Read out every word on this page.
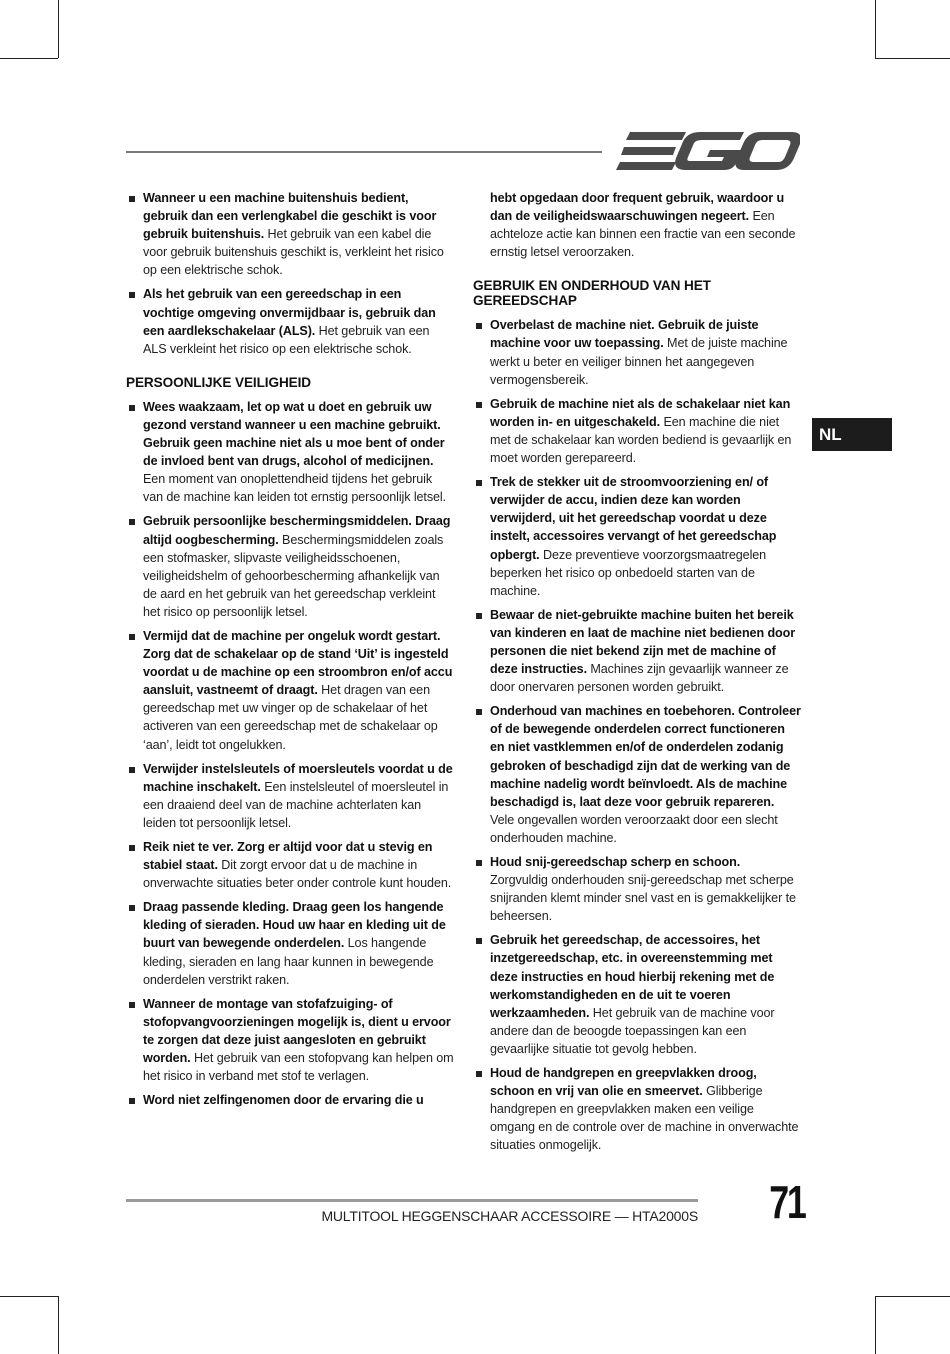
NL
Wanneer u een machine buitenshuis bedient, gebruik dan een verlengkabel die geschikt is voor gebruik buitenshuis. Het gebruik van een kabel die voor gebruik buitenshuis geschikt is, verkleint het risico op een elektrische schok.
Als het gebruik van een gereedschap in een vochtige omgeving onvermijdbaar is, gebruik dan een aardlekschakelaar (ALS). Het gebruik van een ALS verkleint het risico op een elektrische schok.
PERSOONLIJKE VEILIGHEID
Wees waakzaam, let op wat u doet en gebruik uw gezond verstand wanneer u een machine gebruikt. Gebruik geen machine niet als u moe bent of onder de invloed bent van drugs, alcohol of medicijnen. Een moment van onoplettendheid tijdens het gebruik van de machine kan leiden tot ernstig persoonlijk letsel.
Gebruik persoonlijke beschermingsmiddelen. Draag altijd oogbescherming. Beschermingsmiddelen zoals een stofmasker, slipvaste veiligheidsschoenen, veiligheidshelm of gehoorbescherming afhankelijk van de aard en het gebruik van het gereedschap verkleint het risico op persoonlijk letsel.
Vermijd dat de machine per ongeluk wordt gestart. Zorg dat de schakelaar op de stand ‘Uit’ is ingesteld voordat u de machine op een stroombron en/of accu aansluit, vastneemt of draagt. Het dragen van een gereedschap met uw vinger op de schakelaar of het activeren van een gereedschap met de schakelaar op ‘aan’, leidt tot ongelukken.
Verwijder instelsleutels of moersleutels voordat u de machine inschakelt. Een instelsleutel of moersleutel in een draaiend deel van de machine achterlaten kan leiden tot persoonlijk letsel.
Reik niet te ver. Zorg er altijd voor dat u stevig en stabiel staat. Dit zorgt ervoor dat u de machine in onverwachte situaties beter onder controle kunt houden.
Draag passende kleding. Draag geen los hangende kleding of sieraden. Houd uw haar en kleding uit de buurt van bewegende onderdelen. Los hangende kleding, sieraden en lang haar kunnen in bewegende onderdelen verstrikt raken.
Wanneer de montage van stofafzuiging- of stofopvangvoorzieningen mogelijk is, dient u ervoor te zorgen dat deze juist aangesloten en gebruikt worden. Het gebruik van een stofopvang kan helpen om het risico in verband met stof te verlagen.
Word niet zelfingenomen door de ervaring die u
hebt opgedaan door frequent gebruik, waardoor u dan de veiligheidswaarschuwingen negeert. Een achteloze actie kan binnen een fractie van een seconde ernstig letsel veroorzaken.
GEBRUIK EN ONDERHOUD VAN HET GEREEDSCHAP
Overbelast de machine niet. Gebruik de juiste machine voor uw toepassing. Met de juiste machine werkt u beter en veiliger binnen het aangegeven vermogensbereik.
Gebruik de machine niet als de schakelaar niet kan worden in- en uitgeschakeld. Een machine die niet met de schakelaar kan worden bediend is gevaarlijk en moet worden gerepareerd.
Trek de stekker uit de stroomvoorziening en/ of verwijder de accu, indien deze kan worden verwijderd, uit het gereedschap voordat u deze instelt, accessoires vervangt of het gereedschap opbergt. Deze preventieve voorzorgsmaatregelen beperken het risico op onbedoeld starten van de machine.
Bewaar de niet-gebruikte machine buiten het bereik van kinderen en laat de machine niet bedienen door personen die niet bekend zijn met de machine of deze instructies. Machines zijn gevaarlijk wanneer ze door onervaren personen worden gebruikt.
Onderhoud van machines en toebehoren. Controleer of de bewegende onderdelen correct functioneren en niet vastklemmen en/of de onderdelen zodanig gebroken of beschadigd zijn dat de werking van de machine nadelig wordt beïnvloedt. Als de machine beschadigd is, laat deze voor gebruik repareren. Vele ongevallen worden veroorzaakt door een slecht onderhouden machine.
Houd snij-gereedschap scherp en schoon. Zorgvuldig onderhouden snij-gereedschap met scherpe snijranden klemt minder snel vast en is gemakkelijker te beheersen.
Gebruik het gereedschap, de accessoires, het inzetgereedschap, etc. in overeenstemming met deze instructies en houd hierbij rekening met de werkomstandigheden en de uit te voeren werkzaamheden. Het gebruik van de machine voor andere dan de beoogde toepassingen kan een gevaarlijke situatie tot gevolg hebben.
Houd de handgrepen en greepvlakken droog, schoon en vrij van olie en smeervet. Glibberige handgrepen en greepvlakken maken een veilige omgang en de controle over de machine in onverwachte situaties onmogelijk.
MULTITOOL HEGGENSCHAAR ACCESSOIRE — HTA2000S 71
